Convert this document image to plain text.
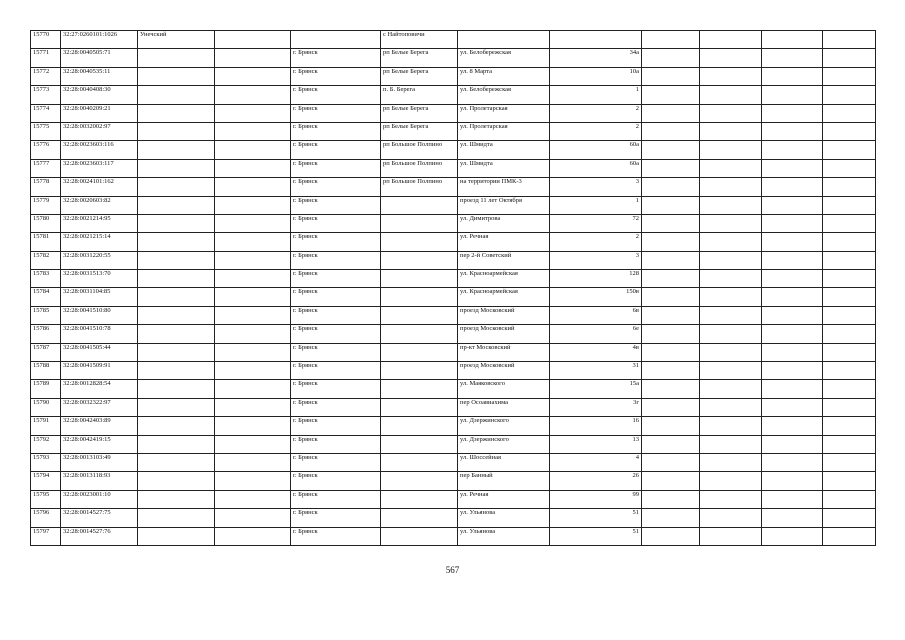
15770	32:27:0260101:1026	Унечский			с Найтоповичи						
15771	32:28:0040505:71			г. Брянск	рп Белые Берега	ул. Белобережская	34а				
15772	32:28:0040535:11			г. Брянск	рп Белые Берега	ул. 8 Марта	10а				
15773	32:28:0040408:30			г. Брянск	п. Б. Берега	ул. Белобережская	1				
15774	32:28:0040209:21			г. Брянск	рп Белые Берега	ул. Пролетарская	2				
15775	32:28:0032002:97			г. Брянск	рп Белые Берега	ул. Пролетарская	2				
15776	32:28:0023603:116			г. Брянск	рп Большое Полпино	ул. Шмидта	60а				
15777	32:28:0023603:117			г. Брянск	рп Большое Полпино	ул. Шмидта	60а				
15778	32:28:0024101:162			г. Брянск	рп Большое Полпино	на территории ПМК-3	3				
15779	32:28:0020603:82			г. Брянск		проезд 11 лет Октября	1				
15780	32:28:0021214:95			г. Брянск		ул. Димитрова	72				
15781	32:28:0021215:14			г. Брянск		ул. Речная	2				
15782	32:28:0031220:55			г. Брянск		пер 2-й Советский	3				
15783	32:28:0031513:70			г. Брянск		ул. Красноармейская	128				
15784	32:28:0031104:85			г. Брянск		ул. Красноармейская	150в				
15785	32:28:0041510:80			г. Брянск		проезд Московский	6в				
15786	32:28:0041510:78			г. Брянск		проезд Московский	6е				
15787	32:28:0041505:44			г. Брянск		пр-кт Московский	4в				
15788	32:28:0041509:91			г. Брянск		проезд Московский	31				
15789	32:28:0012828:54			г. Брянск		ул. Маяковского	15а				
15790	32:28:0032322:97			г. Брянск		пер Осоавиахима	3г				
15791	32:28:0042403:89			г. Брянск		ул. Дзержинского	16				
15792	32:28:0042419:15			г. Брянск		ул. Дзержинского	13				
15793	32:28:0013103:49			г. Брянск		ул. Шоссейная	4				
15794	32:28:0013118:93			г. Брянск		пер Банный	26				
15795	32:28:0023001:10			г. Брянск		ул. Речная	99				
15796	32:28:0014527:75			г. Брянск		ул. Ульянова	51				
15797	32:28:0014527:76			г. Брянск		ул. Ульянова	51				
567
